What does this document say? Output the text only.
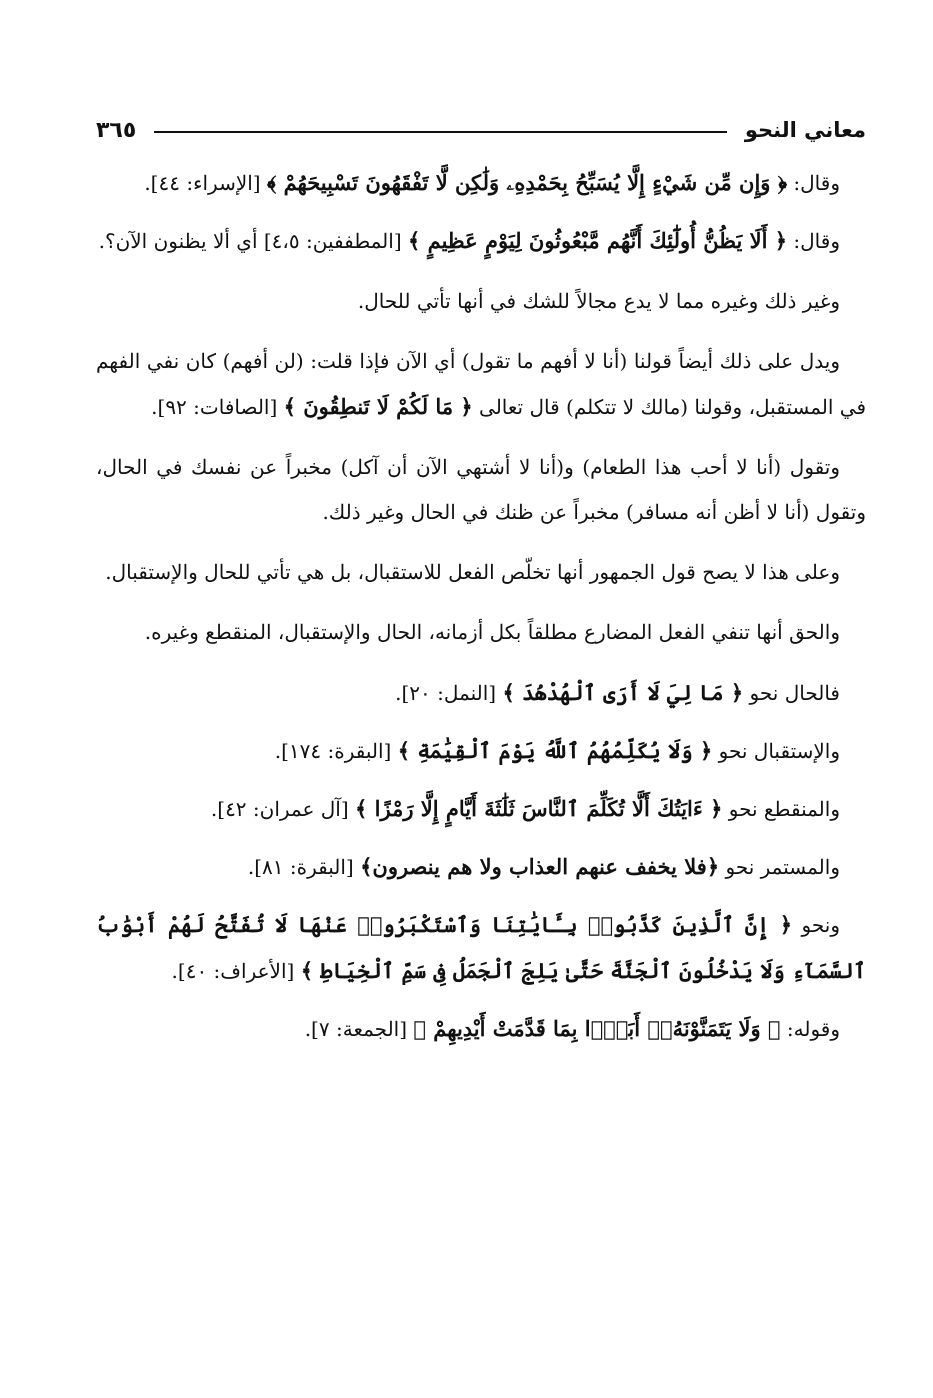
معاني النحو
٣٦٥

وقال: ﴿ وَإِن مِّن شَيْءٍ إِلَّا يُسَبِّحُ بِحَمْدِهِۦ وَلَٰكِن لَّا تَفْقَهُونَ تَسْبِيحَهُمْ ﴾ [الإسراء: ٤٤].

وقال: ﴿ أَلَا يَظُنُّ أُولَٰٓئِكَ أَنَّهُم مَّبْعُوثُونَ لِيَوْمٍ عَظِيمٍ ﴾ [المطففين: ٤،٥] أي ألا يظنون الآن؟.

وغير ذلك وغيره مما لا يدع مجالاً للشك في أنها تأتي للحال.

ويدل على ذلك أيضاً قولنا (أنا لا أفهم ما تقول) أي الآن فإذا قلت: (لن أفهم) كان نفي الفهم في المستقبل، وقولنا (مالك لا تتكلم) قال تعالى ﴿ مَا لَكُمْ لَا تَنطِقُونَ ﴾ [الصافات: ٩٢].

وتقول (أنا لا أحب هذا الطعام) و(أنا لا أشتهي الآن أن آكل) مخبراً عن نفسك في الحال، وتقول (أنا لا أظن أنه مسافر) مخبراً عن ظنك في الحال وغير ذلك.

وعلى هذا لا يصح قول الجمهور أنها تخلّص الفعل للاستقبال، بل هي تأتي للحال والإستقبال.

والحق أنها تنفي الفعل المضارع مطلقاً بكل أزمانه، الحال والإستقبال، المنقطع وغيره.

فالحال نحو ﴿ مَا لِيَ لَا أَرَى ٱلْهُدْهُدَ ﴾ [النمل: ٢٠].

والإستقبال نحو ﴿ وَلَا يُكَلِّمُهُمُ ٱللَّهُ يَوْمَ ٱلْقِيَٰمَةِ ﴾ [البقرة: ١٧٤].

والمنقطع نحو ﴿ ءَايَتُكَ أَلَّا تُكَلِّمَ ٱلنَّاسَ ثَلَٰثَةَ أَيَّامٍ إِلَّا رَمْزًا ﴾ [آل عمران: ٤٢].

والمستمر نحو ﴿فلا يخفف عنهم العذاب ولا هم ينصرون﴾ [البقرة: ٨١].

ونحو ﴿ إِنَّ ٱلَّذِينَ كَذَّبُوا۟ بِـَٔايَٰتِنَا وَٱسْتَكْبَرُوا۟ عَنْهَا لَا تُفَتَّحُ لَهُمْ أَبْوَٰبُ ٱلسَّمَآءِ وَلَا يَدْخُلُونَ ٱلْجَنَّةَ حَتَّىٰ يَلِجَ ٱلْجَمَلُ فِى سَمِّ ٱلْخِيَاطِ ﴾ [الأعراف: ٤٠].

وقوله: ﴿ وَلَا يَتَمَنَّوْنَهُۥٓ أَبَدًۢا بِمَا قَدَّمَتْ أَيْدِيهِمْ ﴾ [الجمعة: ٧].
